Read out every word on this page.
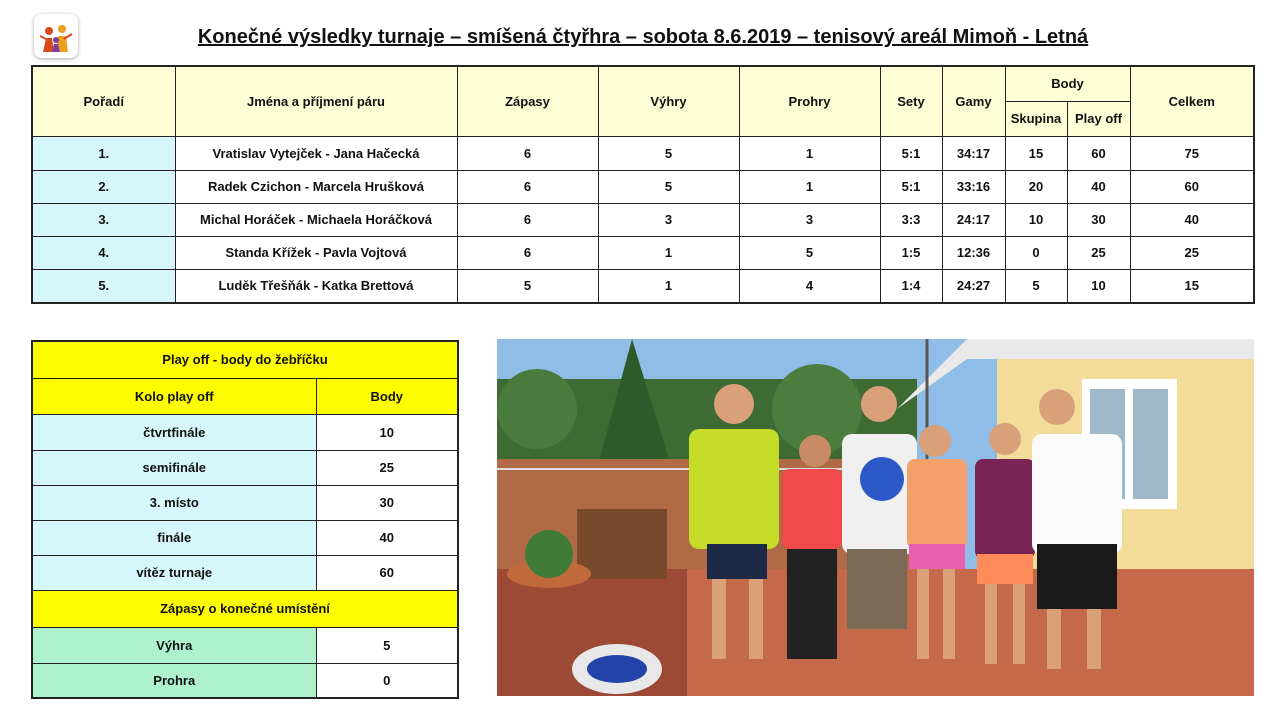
Konečné výsledky turnaje – smíšená čtyřhra – sobota 8.6.2019 – tenisový areál Mimoň - Letná
Pořadí	Jména a příjmení páru	Zápasy	Výhry	Prohry	Sety	Gamy	Body		Celkem
							Skupina	Play off	
1.	Vratislav Vytejček - Jana Hačecká	6	5	1	5:1	34:17	15	60	75
2.	Radek Czichon - Marcela Hrušková	6	5	1	5:1	33:16	20	40	60
3.	Michal Horáček - Michaela Horáčková	6	3	3	3:3	24:17	10	30	40
4.	Standa Křížek - Pavla Vojtová	6	1	5	1:5	12:36	0	25	25
5.	Luděk Třešňák - Katka Brettová	5	1	4	1:4	24:27	5	10	15
Play off - body do žebříčku	
Kolo play off	Body
čtvrtfinále	10
semifinále	25
3. místo	30
finále	40
vítěz turnaje	60
Zápasy o konečné umístění	
Výhra	5
Prohra	0
